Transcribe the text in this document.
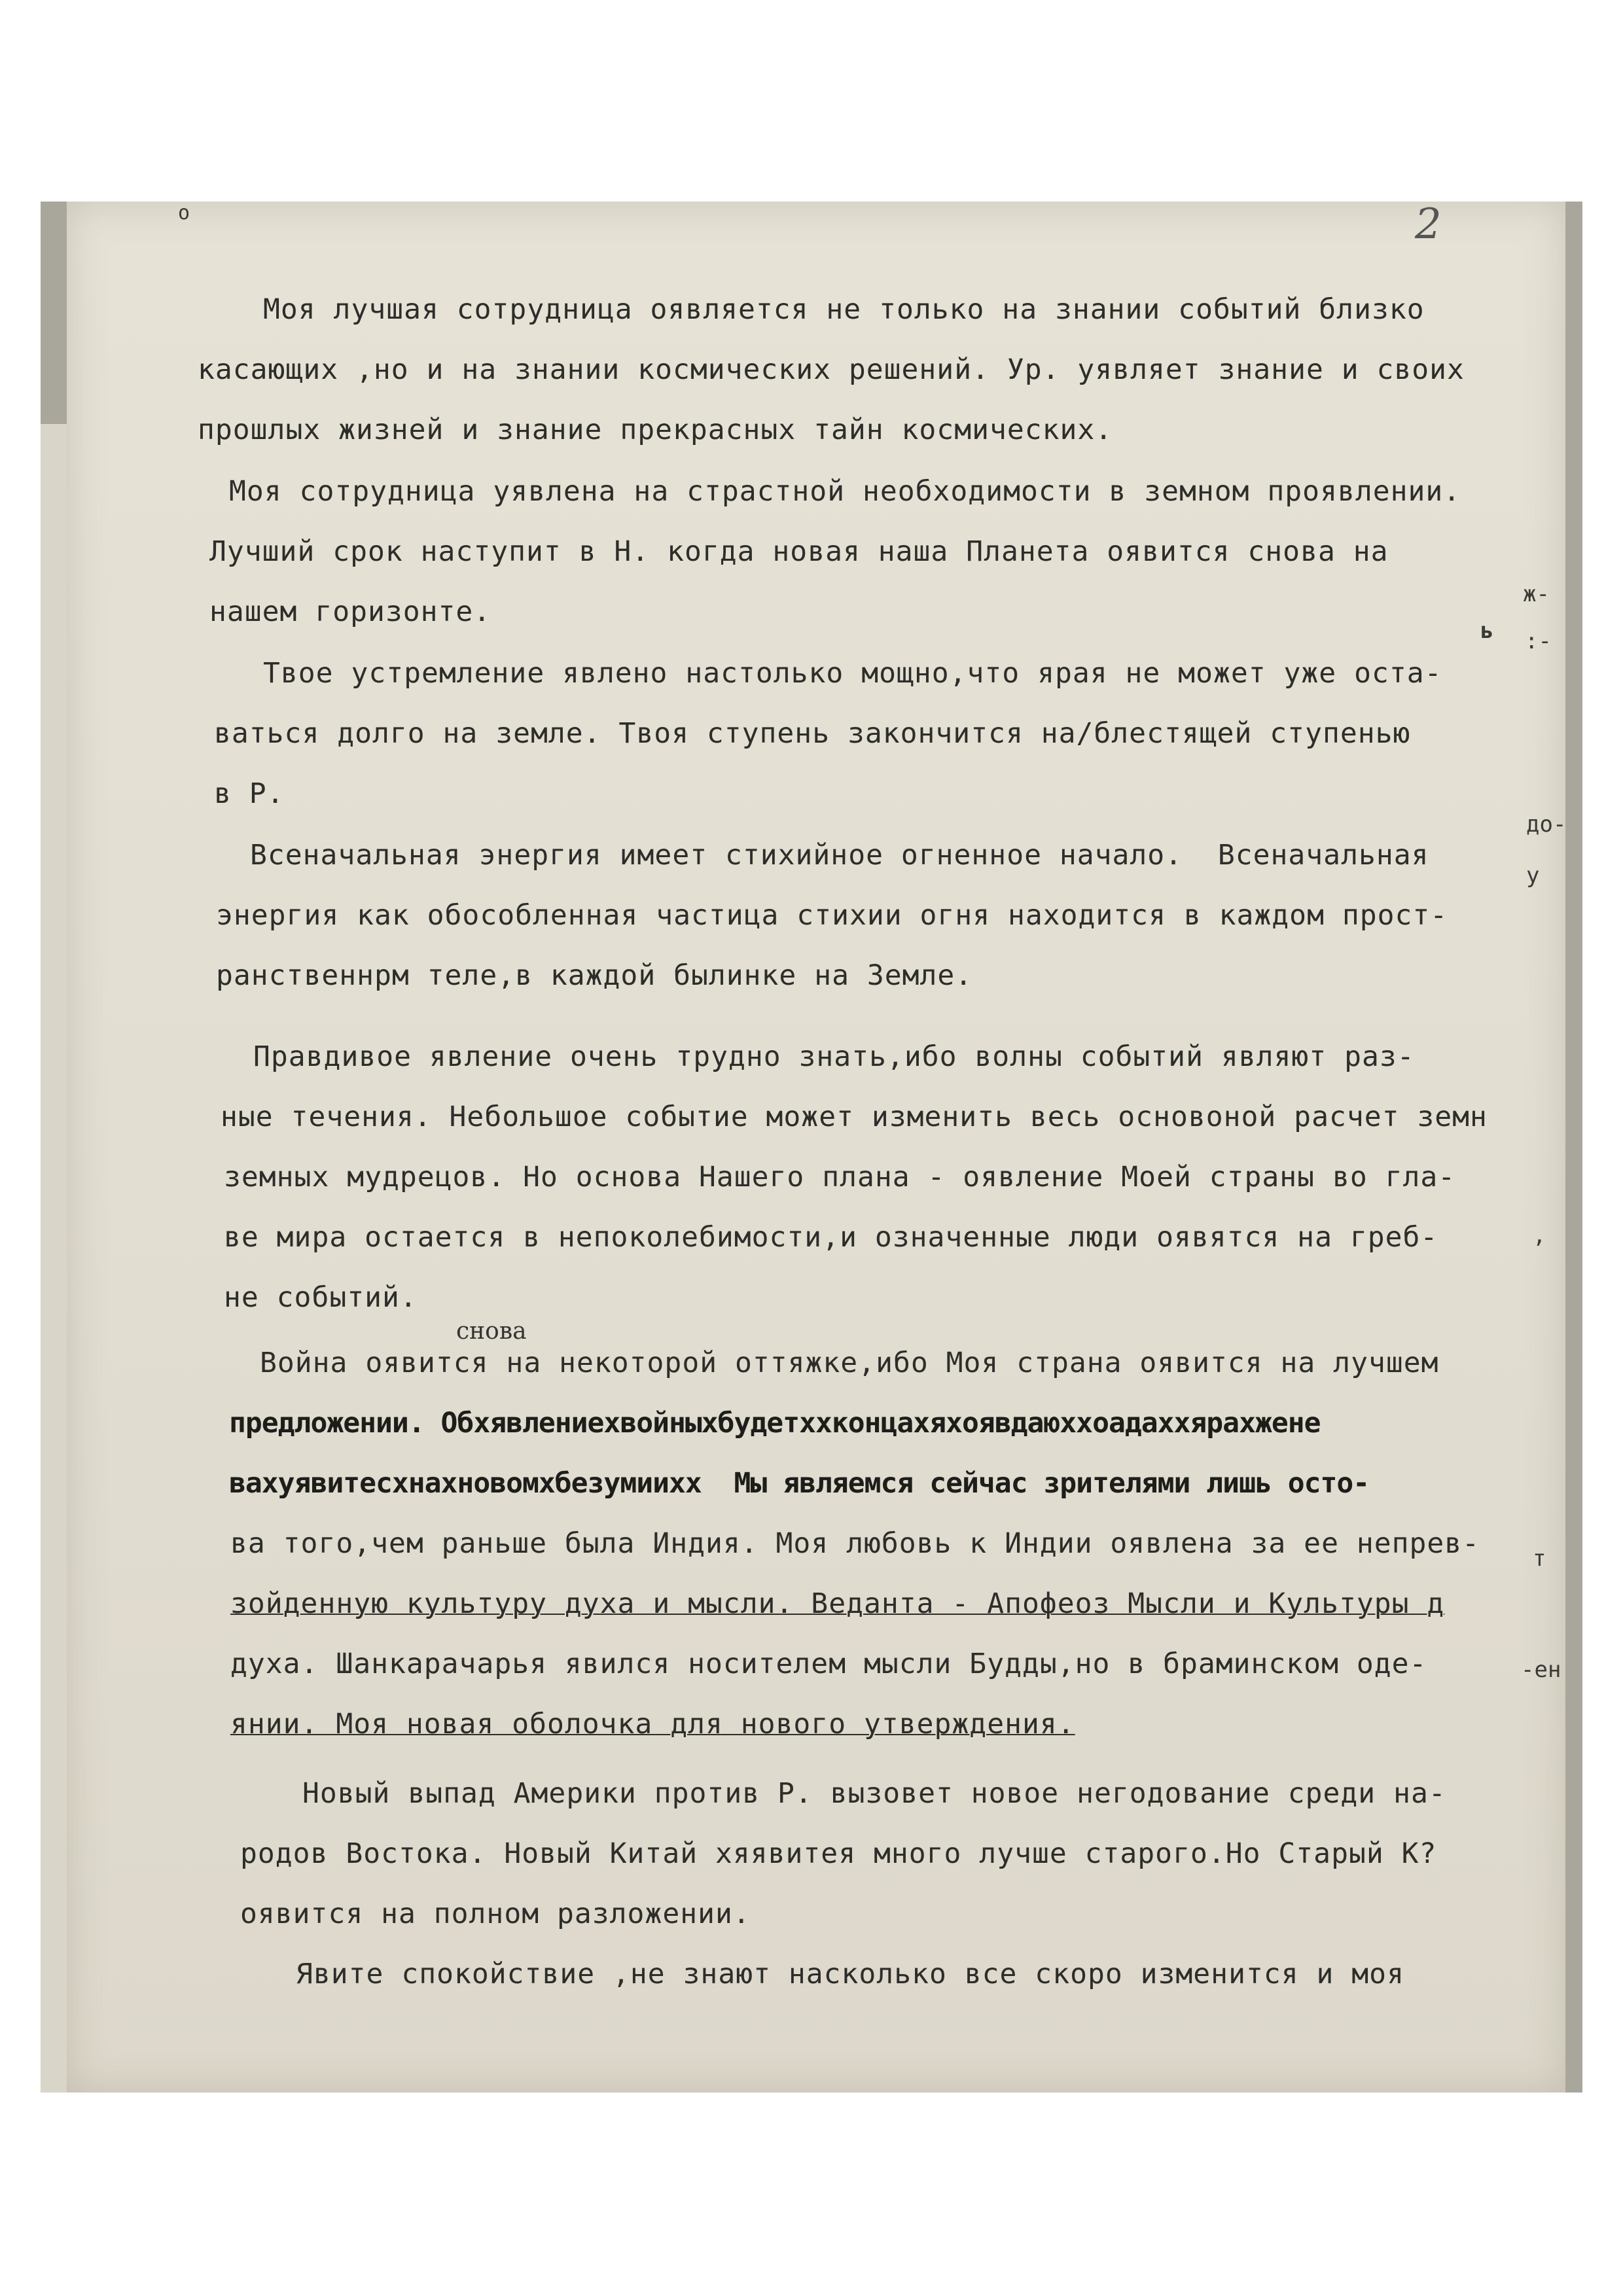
2
о
Моя лучшая сотрудница оявляется не только на знании событий близко
касающих ,но и на знании космических решений. Ур. уявляет знание и своих
прошлых жизней и знание прекрасных тайн космических.
Моя сотрудница уявлена на страстной необходимости в земном проявлении.
Лучший срок наступит в Н. когда новая наша Планета оявится снова на
нашем горизонте.
Твое устремление явлено настолько мощно,что ярая не может уже оста-
ваться долго на земле. Твоя ступень закончится на/блестящей ступенью
в Р.
Всеначальная энергия имеет стихийное огненное начало.  Всеначальная
энергия как обособленная частица стихии огня находится в каждом прост-
ранственнрм теле,в каждой былинке на Земле.
Правдивое явление очень трудно знать,ибо волны событий являют раз-
ные течения. Небольшое событие может изменить весь основоной расчет земн
земных мудрецов. Но основа Нашего плана - оявление Моей страны во гла-
ве мира остается в непоколебимости,и означенные люди оявятся на греб-
не событий.
снова
Война оявится на некоторой оттяжке,ибо Моя страна оявится на лучшем
предложении. Обхявлениехвойныхбудетххконцахяхоявдаюххоадаххярахжене
вахуявитесхнахновомхбезумиихх  Мы являемся сейчас зрителями лишь осто-
ва того,чем раньше была Индия. Моя любовь к Индии оявлена за ее непрев-
зойденную культуру духа и мысли. Веданта - Апофеоз Мысли и Культуры д
духа. Шанкарачарья явился носителем мысли Будды,но в браминском оде-
янии. Моя новая оболочка для нового утверждения.
Новый выпад Америки против Р. вызовет новое негодование среди на-
родов Востока. Новый Китай хяявитея много лучше старого.Но Старый К?
оявится на полном разложении.
Явите спокойствие ,не знают насколько все скоро изменится и моя
ж-
ь :-
до-
у
,
т
-ен
